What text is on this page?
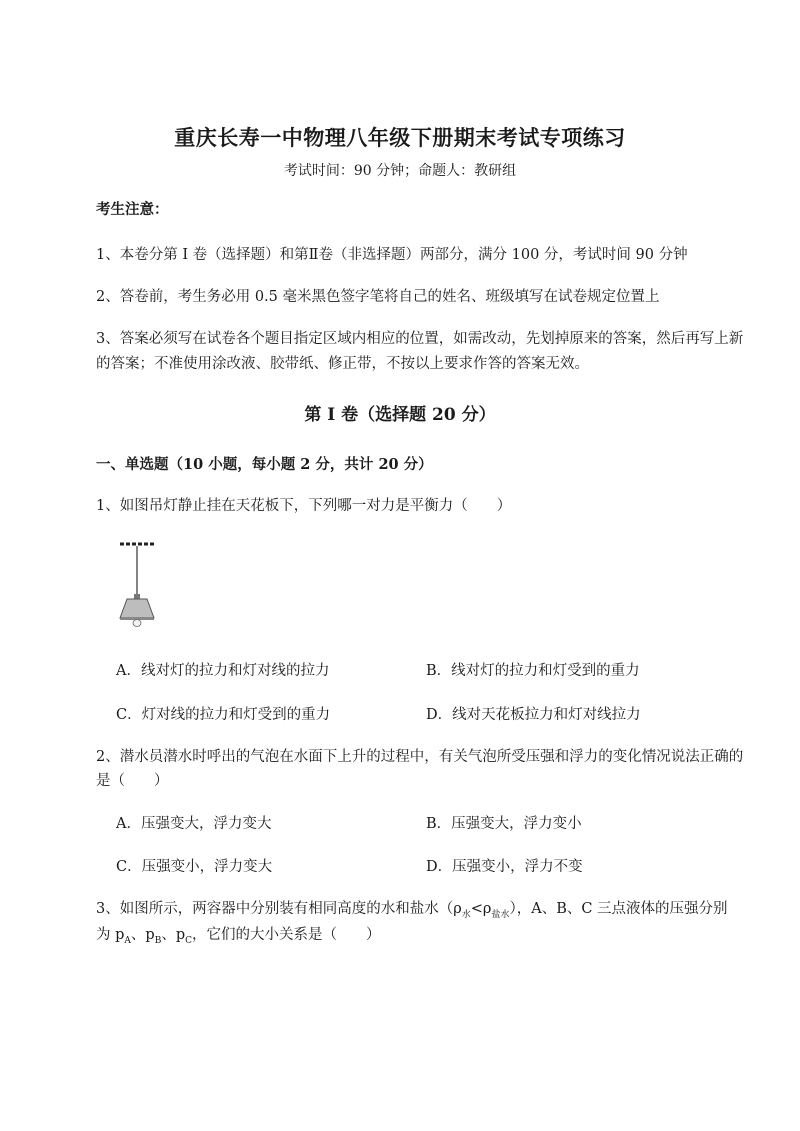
重庆长寿一中物理八年级下册期末考试专项练习
考试时间：90 分钟；命题人：教研组
考生注意：
1、本卷分第 I 卷（选择题）和第Ⅱ卷（非选择题）两部分，满分 100 分，考试时间 90 分钟
2、答卷前，考生务必用 0.5 毫米黑色签字笔将自己的姓名、班级填写在试卷规定位置上
3、答案必须写在试卷各个题目指定区域内相应的位置，如需改动，先划掉原来的答案，然后再写上新
的答案；不准使用涂改液、胶带纸、修正带，不按以上要求作答的答案无效。
第 I 卷（选择题 20 分）
一、单选题（10 小题，每小题 2 分，共计 20 分）
1、如图吊灯静止挂在天花板下，下列哪一对力是平衡力（　　）
A．线对灯的拉力和灯对线的拉力	B．线对灯的拉力和灯受到的重力
C．灯对线的拉力和灯受到的重力	D．线对天花板拉力和灯对线拉力
2、潜水员潜水时呼出的气泡在水面下上升的过程中，有关气泡所受压强和浮力的变化情况说法正确的
是（　　）
A．压强变大，浮力变大	B．压强变大，浮力变小
C．压强变小，浮力变大	D．压强变小，浮力不变
3、如图所示，两容器中分别装有相同高度的水和盐水$(\rho_水<\rho_{盐水})$，A、B、C 三点液体的压强分别
为 $p_A$、$p_B$、$p_C$，它们的大小关系是（　　）
